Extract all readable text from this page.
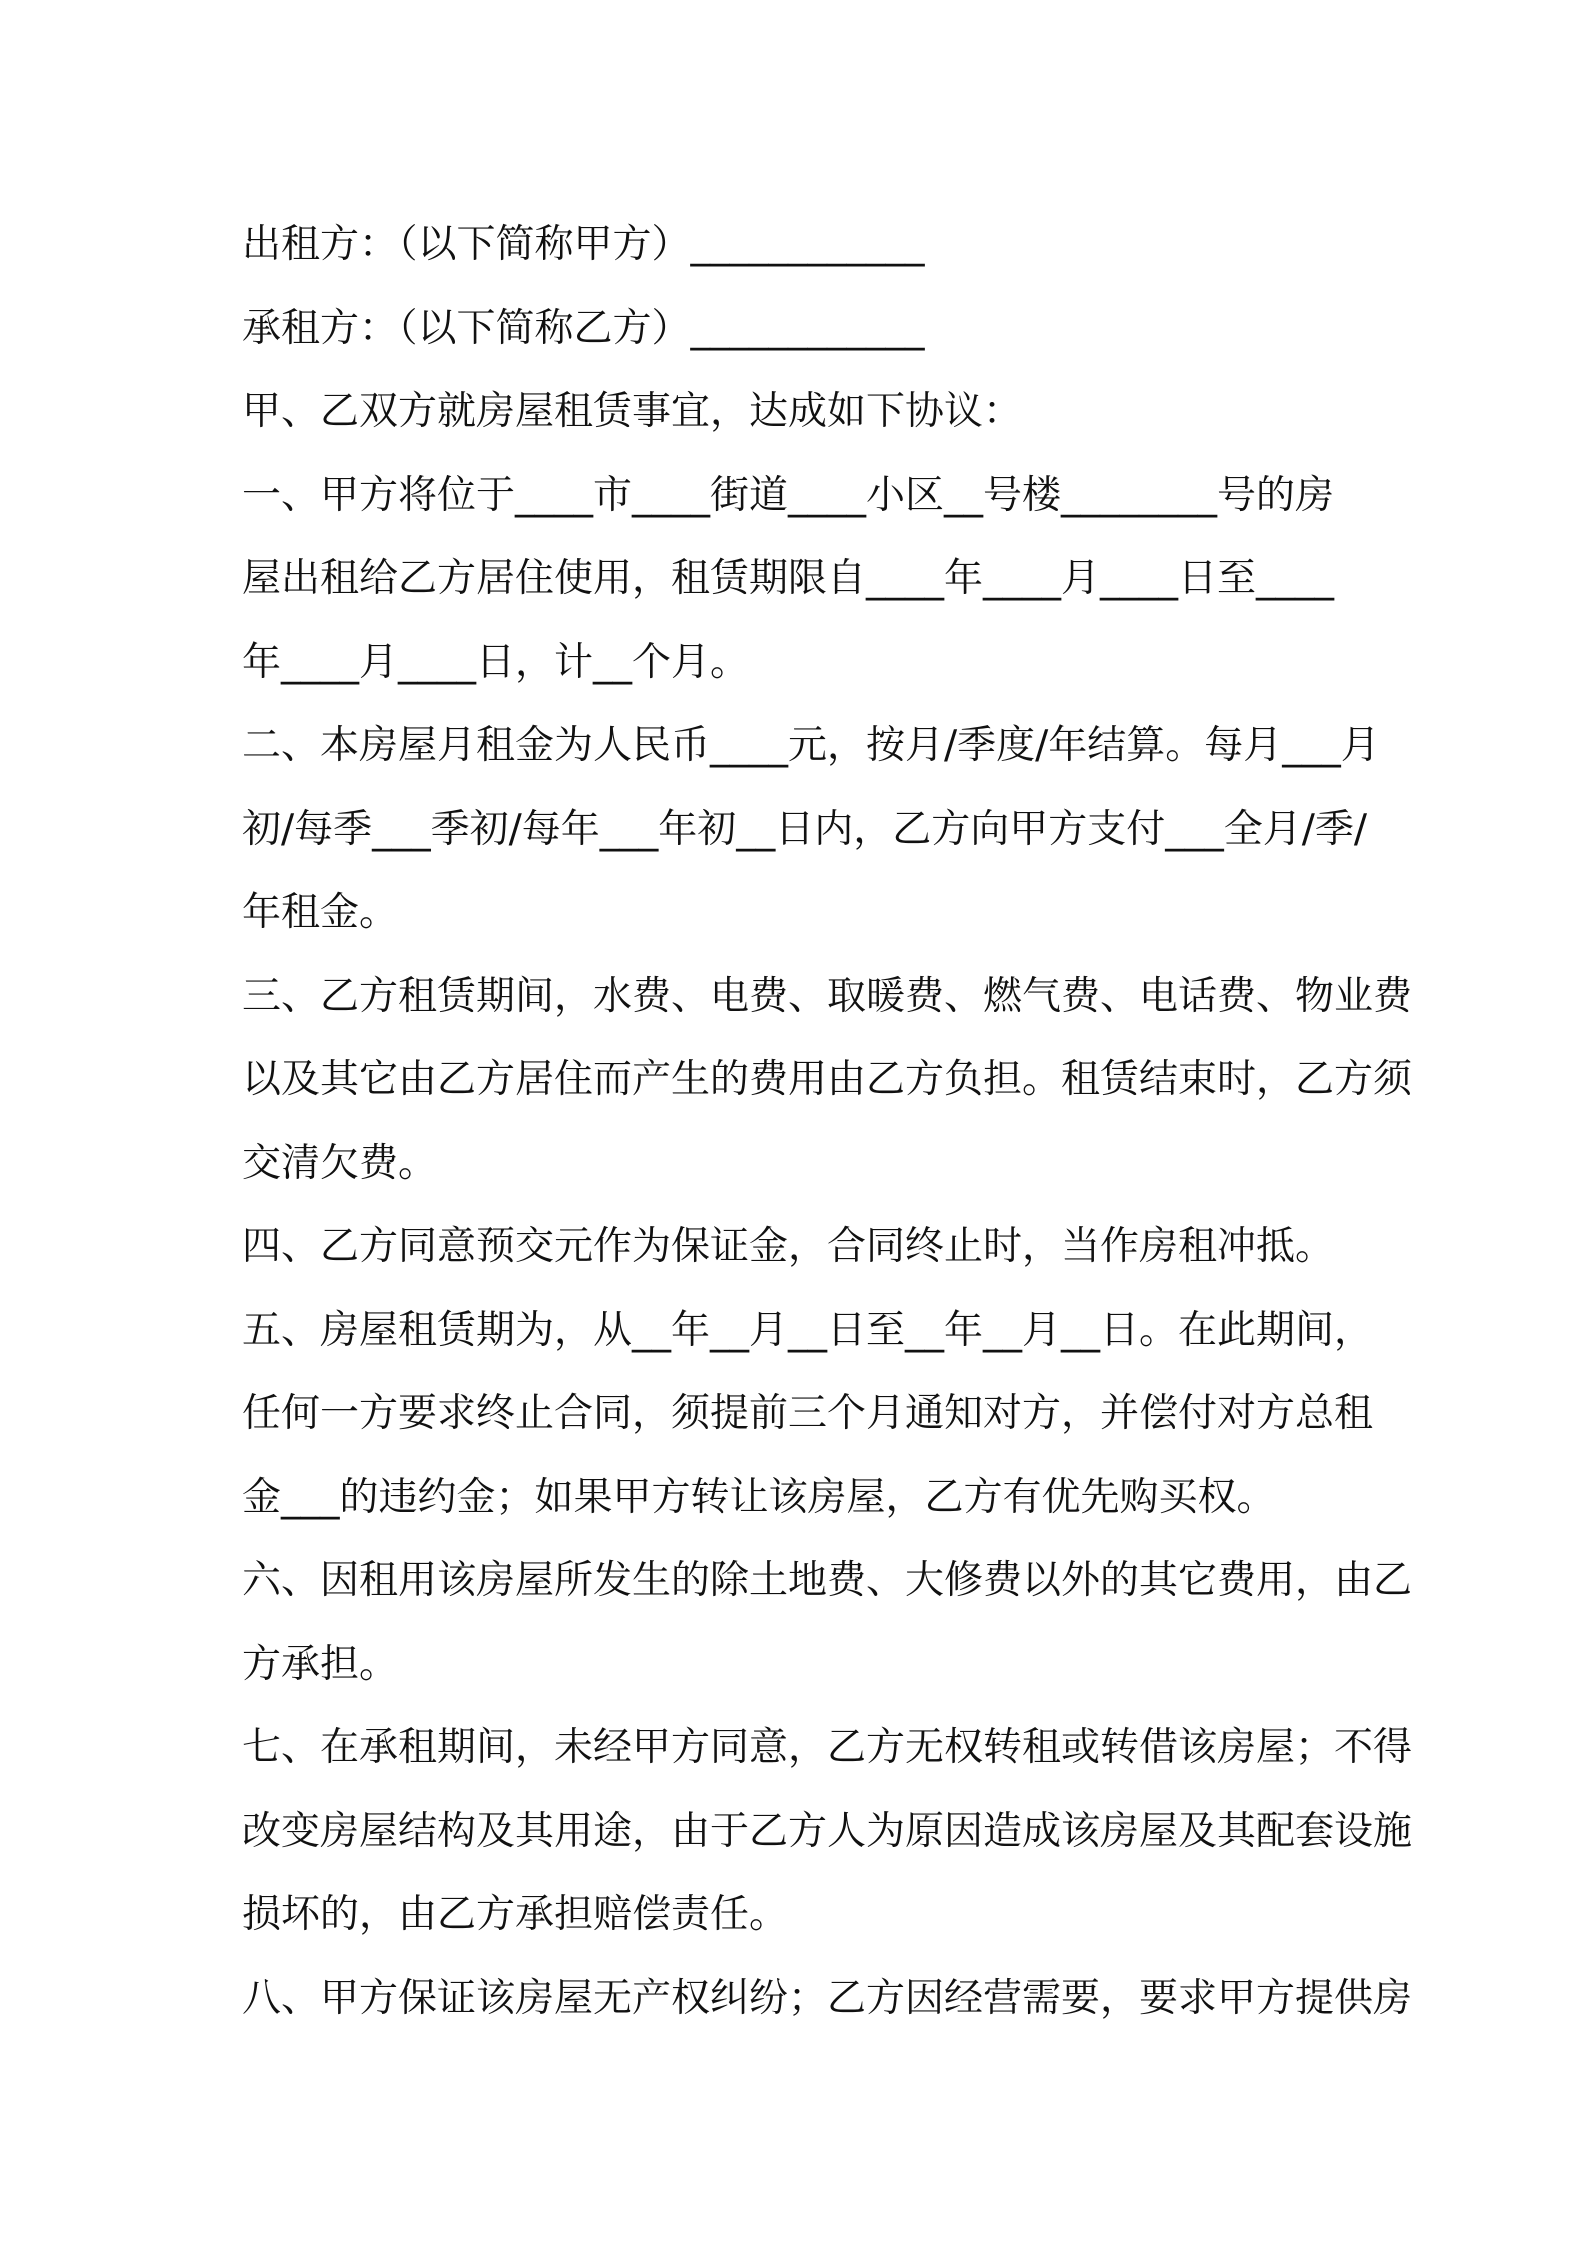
出租方：（以下简称甲方）____________
承租方：（以下简称乙方）____________
甲、乙双方就房屋租赁事宜，达成如下协议：
一、甲方将位于____市____街道____小区__号楼________号的房
屋出租给乙方居住使用，租赁期限自____年____月____日至____
年____月____日，计__个月。
二、本房屋月租金为人民币____元，按月/季度/年结算。每月___月
初/每季___季初/每年___年初__日内，乙方向甲方支付___全月/季/
年租金。
三、乙方租赁期间，水费、电费、取暖费、燃气费、电话费、物业费
以及其它由乙方居住而产生的费用由乙方负担。租赁结束时，乙方须
交清欠费。
四、乙方同意预交元作为保证金，合同终止时，当作房租冲抵。
五、房屋租赁期为，从__年__月__日至__年__月__日。在此期间，
任何一方要求终止合同，须提前三个月通知对方，并偿付对方总租
金___的违约金；如果甲方转让该房屋，乙方有优先购买权。
六、因租用该房屋所发生的除土地费、大修费以外的其它费用，由乙
方承担。
七、在承租期间，未经甲方同意，乙方无权转租或转借该房屋；不得
改变房屋结构及其用途，由于乙方人为原因造成该房屋及其配套设施
损坏的，由乙方承担赔偿责任。
八、甲方保证该房屋无产权纠纷；乙方因经营需要，要求甲方提供房
